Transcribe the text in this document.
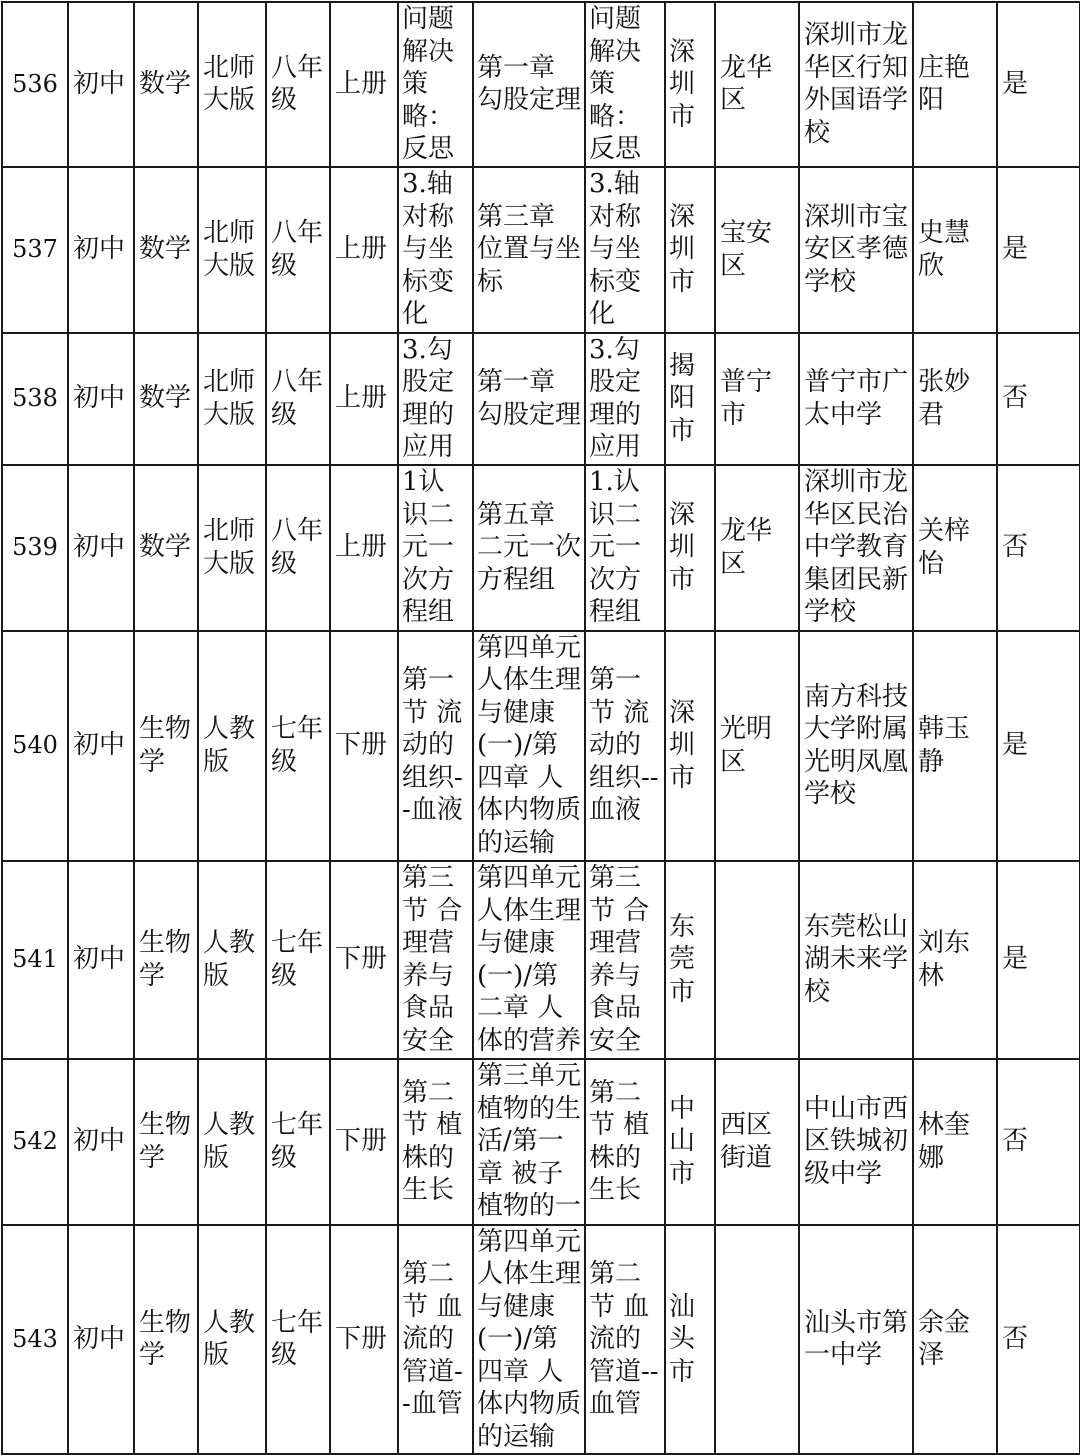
536	初中	数学	北师大版	八年级	上册	问题解决策略：反思	第一章 勾股定理	问题解决策略：反思	深圳市	龙华区	深圳市龙华区行知外国语学校	庄艳阳	是
537	初中	数学	北师大版	八年级	上册	3.轴对称与坐标变化	第三章 位置与坐标	3.轴对称与坐标变化	深圳市	宝安区	深圳市宝安区孝德学校	史慧欣	是
538	初中	数学	北师大版	八年级	上册	3.勾股定理的应用	第一章 勾股定理	3.勾股定理的应用	揭阳市	普宁市	普宁市广太中学	张妙君	否
539	初中	数学	北师大版	八年级	上册	1认识二元一次方程组	第五章 二元一次方程组	1.认识二元一次方程组	深圳市	龙华区	深圳市龙华区民治中学教育集团民新学校	关梓怡	否
540	初中	生物学	人教版	七年级	下册	第一节 流动的组织--血液	第四单元 人体生理与健康(一)/第四章 人体内物质的运输	第一节 流动的组织--血液	深圳市	光明区	南方科技大学附属光明凤凰学校	韩玉静	是
541	初中	生物学	人教版	七年级	下册	第三节 合理营养与食品安全	第四单元 人体生理与健康(一)/第二章 人体的营养	第三节 合理营养与食品安全	东莞市		东莞松山湖未来学校	刘东林	是
542	初中	生物学	人教版	七年级	下册	第二节 植株的生长	第三单元 植物的生活/第一章 被子植物的一	第二节 植株的生长	中山市	西区街道	中山市西区铁城初级中学	林奎娜	否
543	初中	生物学	人教版	七年级	下册	第二节 血流的管道--血管	第四单元 人体生理与健康(一)/第四章 人体内物质的运输	第二节 血流的管道--血管	汕头市		汕头市第一中学	余金泽	否
